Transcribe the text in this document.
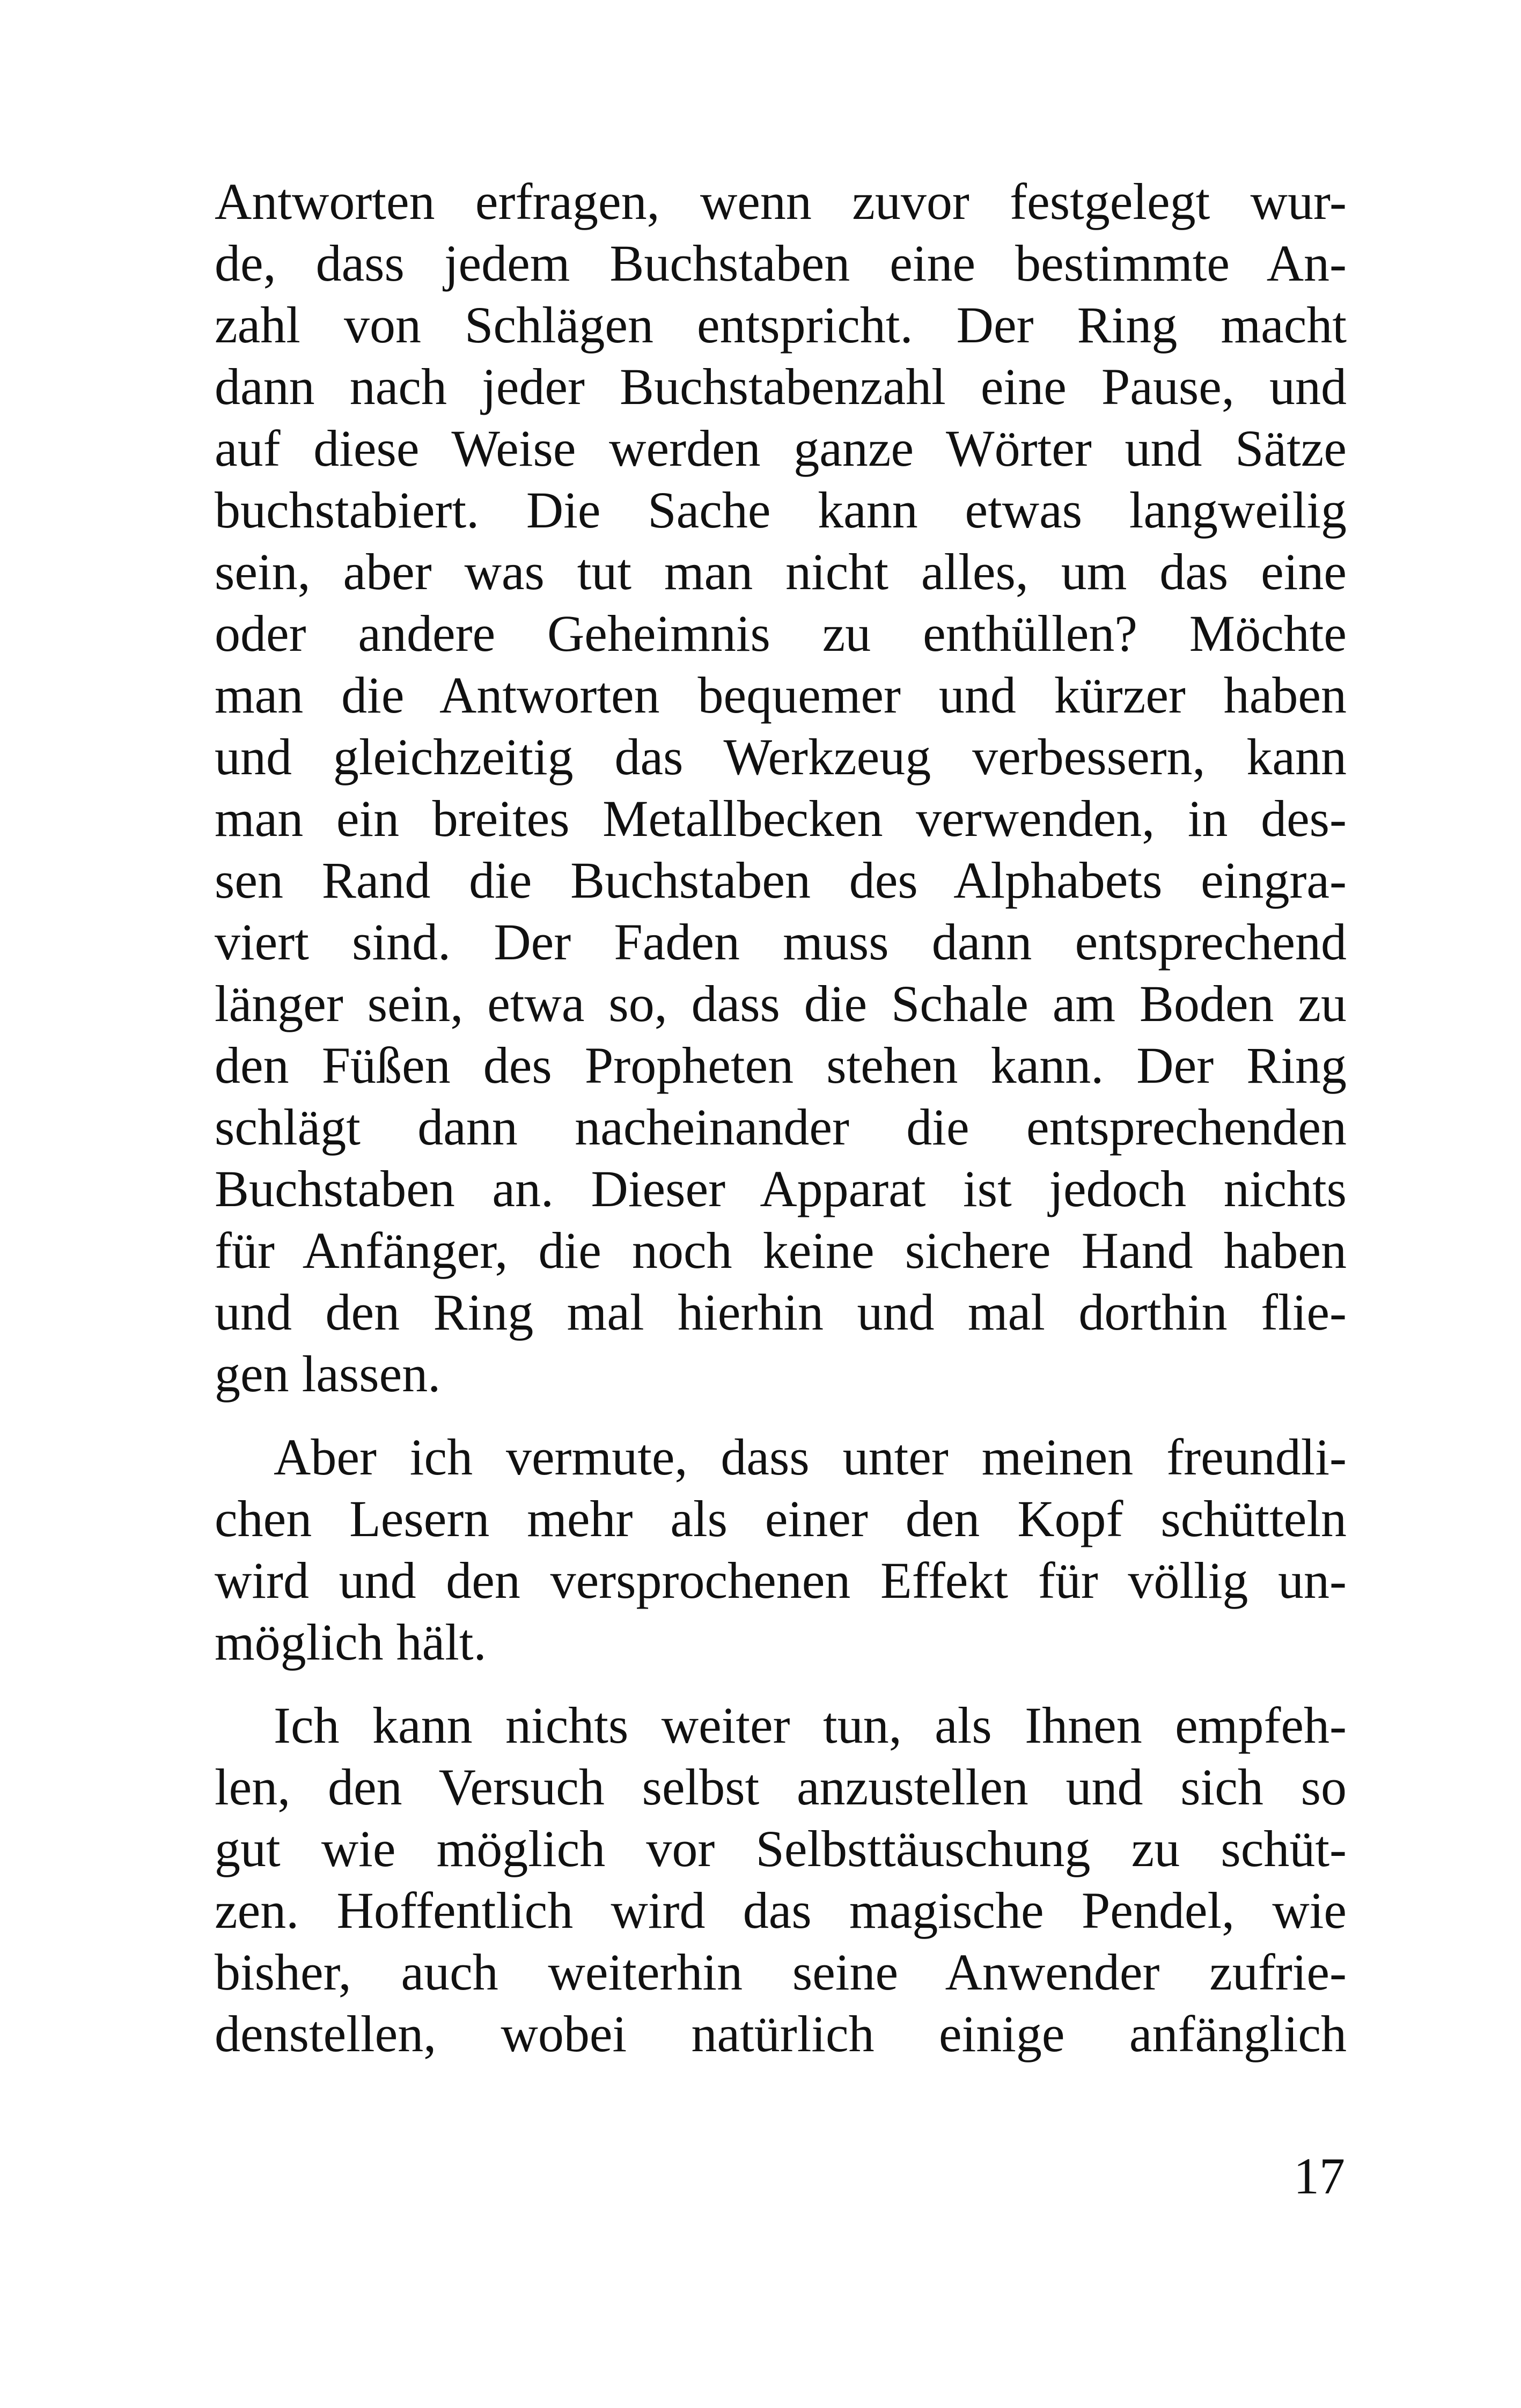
Antworten erfragen, wenn zuvor festgelegt wur-
de, dass jedem Buchstaben eine bestimmte An-
zahl von Schlägen entspricht. Der Ring macht
dann nach jeder Buchstabenzahl eine Pause, und
auf diese Weise werden ganze Wörter und Sätze
buchstabiert. Die Sache kann etwas langweilig
sein, aber was tut man nicht alles, um das eine
oder andere Geheimnis zu enthüllen? Möchte
man die Antworten bequemer und kürzer haben
und gleichzeitig das Werkzeug verbessern, kann
man ein breites Metallbecken verwenden, in des-
sen Rand die Buchstaben des Alphabets eingra-
viert sind. Der Faden muss dann entsprechend
länger sein, etwa so, dass die Schale am Boden zu
den Füßen des Propheten stehen kann. Der Ring
schlägt dann nacheinander die entsprechenden
Buchstaben an. Dieser Apparat ist jedoch nichts
für Anfänger, die noch keine sichere Hand haben
und den Ring mal hierhin und mal dorthin flie-
gen lassen.
Aber ich vermute, dass unter meinen freundli-
chen Lesern mehr als einer den Kopf schütteln
wird und den versprochenen Effekt für völlig un-
möglich hält.
Ich kann nichts weiter tun, als Ihnen empfeh-
len, den Versuch selbst anzustellen und sich so
gut wie möglich vor Selbsttäuschung zu schüt-
zen. Hoffentlich wird das magische Pendel, wie
bisher, auch weiterhin seine Anwender zufrie-
denstellen, wobei natürlich einige anfänglich
17
